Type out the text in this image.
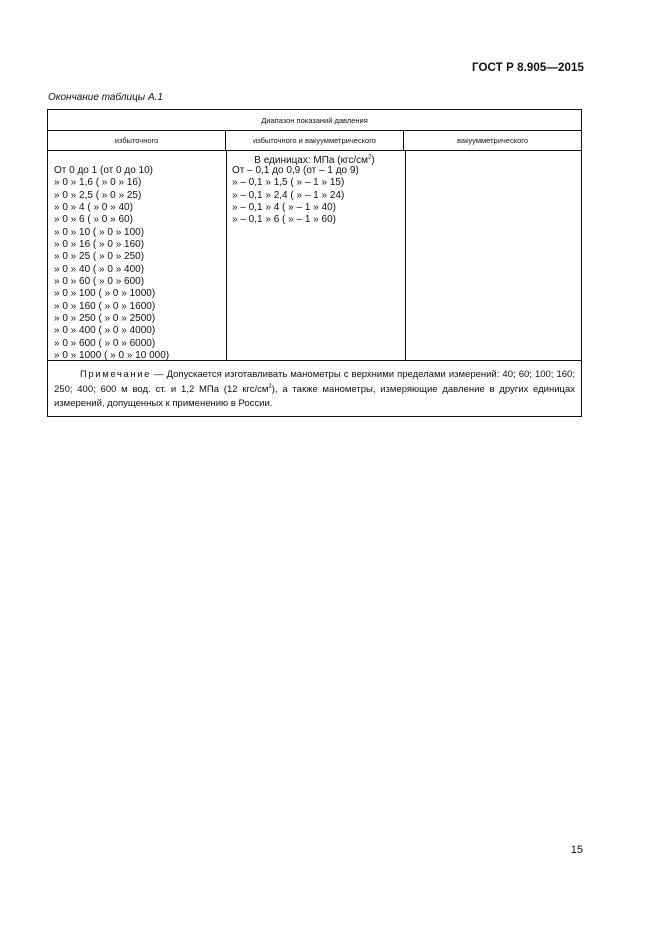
ГОСТ Р 8.905—2015
Окончание таблицы А.1
Диапазон показаний давления
избыточного	избыточного и вакуумметрического	вакуумметрического
В единицах: МПа $(кгс/см^2)$
От 0 до 1 (от 0 до 10)
» 0 » 1,6 ( » 0 » 16)
» 0 » 2,5 ( » 0 » 25)
» 0 » 4 ( » 0 » 40)
» 0 » 6 ( » 0 » 60)
» 0 » 10 ( » 0 » 100)
» 0 » 16 ( » 0 » 160)
» 0 » 25 ( » 0 » 250)
» 0 » 40 ( » 0 » 400)
» 0 » 60 ( » 0 » 600)
» 0 » 100 ( » 0 » 1000)
» 0 » 160 ( » 0 » 1600)
» 0 » 250 ( » 0 » 2500)
» 0 » 400 ( » 0 » 4000)
» 0 » 600 ( » 0 » 6000)
» 0 » 1000 ( » 0 » 10 000)
От – 0,1 до 0,9 (от – 1 до 9)
» – 0,1 » 1,5 ( » – 1 » 15)
» – 0,1 » 2,4 ( » – 1 » 24)
» – 0,1 » 4 ( » – 1 » 40)
» – 0,1 » 6 ( » – 1 » 60)
Примечание — Допускается изготавливать манометры с верхними пределами измерений: 40; 60; 100; 160; 250; 400; 600 м вод. ст. и 1,2 МПа (12 кгс/$см^2$), а также манометры, измеряющие давление в других единицах измерений, допущенных к применению в России.
15
